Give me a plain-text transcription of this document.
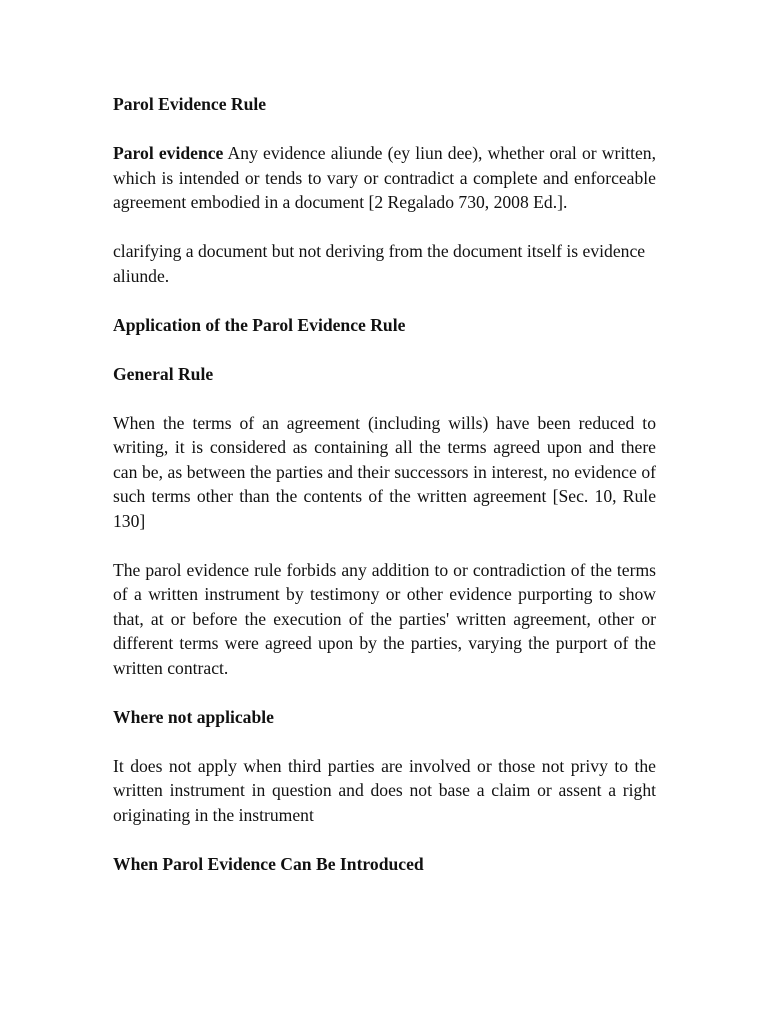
Parol Evidence Rule

Parol evidence Any evidence aliunde (ey liun dee), whether oral or written, which is intended or tends to vary or contradict a complete and enforceable agreement embodied in a document [2 Regalado 730, 2008 Ed.].

clarifying a document but not deriving from the document itself is evidence aliunde.

Application of the Parol Evidence Rule
General Rule

When the terms of an agreement (including wills) have been reduced to writing, it is considered as containing all the terms agreed upon and there can be, as between the parties and their successors in interest, no evidence of such terms other than the contents of the written agreement [Sec. 10, Rule 130]

The parol evidence rule forbids any addition to or contradiction of the terms of a written instrument by testimony or other evidence purporting to show that, at or before the execution of the parties' written agreement, other or different terms were agreed upon by the parties, varying the purport of the written contract.

Where not applicable

It does not apply when third parties are involved or those not privy to the written instrument in question and does not base a claim or assent a right originating in the instrument

When Parol Evidence Can Be Introduced
